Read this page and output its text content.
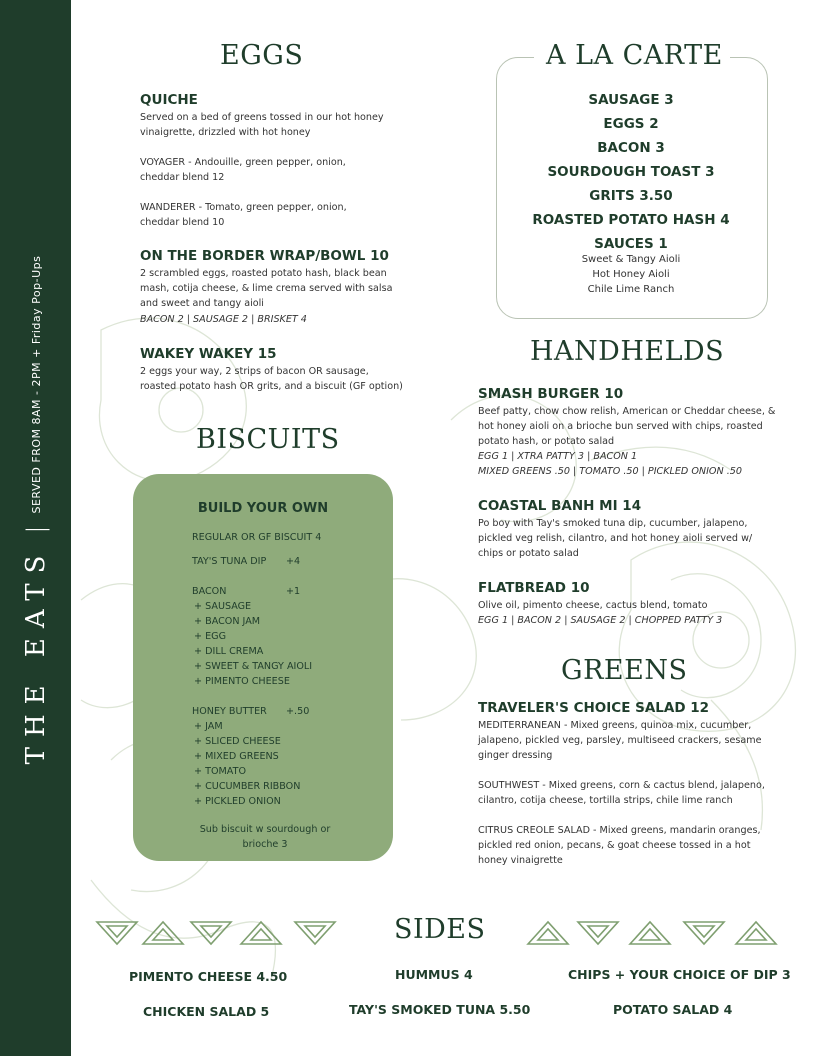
THE EATS
|
SERVED FROM 8AM - 2PM + Friday Pop-Ups
EGGS
QUICHE
Served on a bed of greens tossed in our hot honey
vinaigrette, drizzled with hot honey
VOYAGER - Andouille, green pepper, onion,
cheddar blend 12
WANDERER - Tomato, green pepper, onion,
cheddar blend 10
ON THE BORDER WRAP/BOWL 10
2 scrambled eggs, roasted potato hash, black bean
mash, cotija cheese, & lime crema served with salsa
and sweet and tangy aioli
BACON 2 | SAUSAGE 2 | BRISKET 4
WAKEY WAKEY 15
2 eggs your way, 2 strips of bacon OR sausage,
roasted potato hash OR grits, and a biscuit (GF option)
A LA CARTE
SAUSAGE 3
EGGS 2
BACON 3
SOURDOUGH TOAST 3
GRITS 3.50
ROASTED POTATO HASH 4
SAUCES 1
Sweet & Tangy Aioli
Hot Honey Aioli
Chile Lime Ranch
BISCUITS
BUILD YOUR OWN
REGULAR OR GF BISCUIT 4
TAY'S TUNA DIP +4
BACON	+1
+ SAUSAGE
+ BACON JAM
+ EGG
+ DILL CREMA
+ SWEET & TANGY AIOLI
+ PIMENTO CHEESE
HONEY BUTTER +.50
+ JAM
+ SLICED CHEESE
+ MIXED GREENS
+ TOMATO
+ CUCUMBER RIBBON
+ PICKLED ONION
Sub biscuit w sourdough or
brioche 3
HANDHELDS
SMASH BURGER 10
Beef patty, chow chow relish, American or Cheddar cheese, &
hot honey aioli on a brioche bun served with chips, roasted
potato hash, or potato salad
EGG 1 | XTRA PATTY 3 | BACON 1
MIXED GREENS .50 | TOMATO .50 | PICKLED ONION .50
COASTAL BANH MI 14
Po boy with Tay's smoked tuna dip, cucumber, jalapeno,
pickled veg relish, cilantro, and hot honey aioli served w/
chips or potato salad
FLATBREAD 10
Olive oil, pimento cheese, cactus blend, tomato
EGG 1 | BACON 2 | SAUSAGE 2 | CHOPPED PATTY 3
GREENS
TRAVELER'S CHOICE SALAD 12
MEDITERRANEAN - Mixed greens, quinoa mix, cucumber,
jalapeno, pickled veg, parsley, multiseed crackers, sesame
ginger dressing
SOUTHWEST - Mixed greens, corn & cactus blend, jalapeno,
cilantro, cotija cheese, tortilla strips, chile lime ranch
CITRUS CREOLE SALAD - Mixed greens, mandarin oranges,
pickled red onion, pecans, & goat cheese tossed in a hot
honey vinaigrette
SIDES
PIMENTO CHEESE 4.50	HUMMUS 4	CHIPS + YOUR CHOICE OF DIP 3
CHICKEN SALAD 5	TAY'S SMOKED TUNA 5.50	POTATO SALAD 4
